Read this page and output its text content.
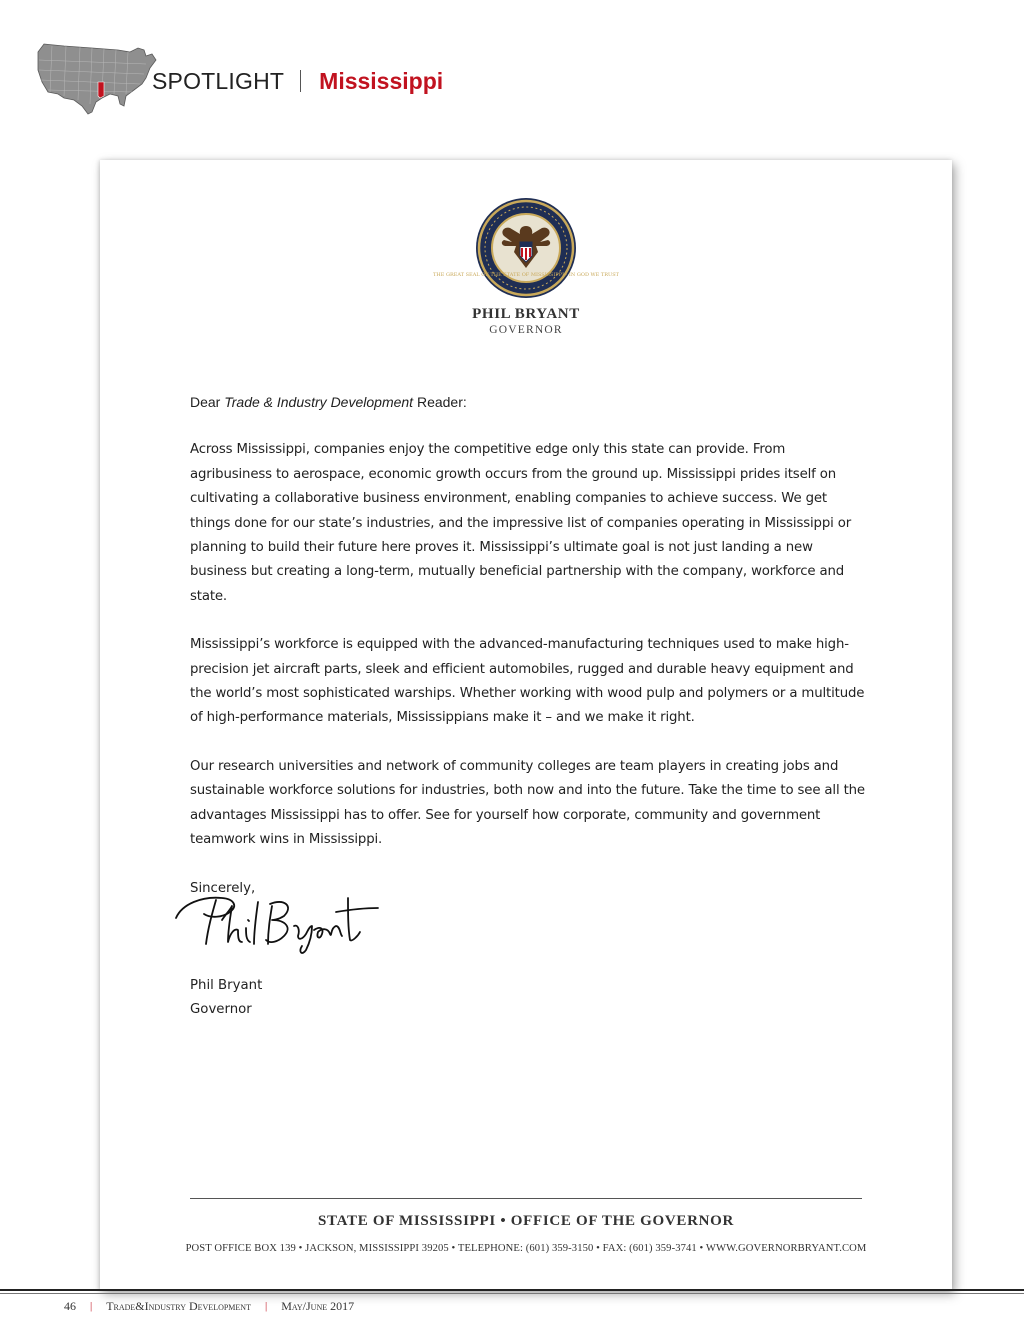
SPOTLIGHT Mississippi
THE GREAT SEAL OF THE STATE OF MISSISSIPPI · IN GOD WE TRUST
PHIL BRYANT
GOVERNOR

Dear Trade & Industry Development Reader:

Across Mississippi, companies enjoy the competitive edge only this state can provide. From agribusiness to aerospace, economic growth occurs from the ground up. Mississippi prides itself on cultivating a collaborative business environment, enabling companies to achieve success. We get things done for our state’s industries, and the impressive list of companies operating in Mississippi or planning to build their future here proves it. Mississippi’s ultimate goal is not just landing a new business but creating a long-term, mutually beneficial partnership with the company, workforce and state.

Mississippi’s workforce is equipped with the advanced-manufacturing techniques used to make high-precision jet aircraft parts, sleek and efficient automobiles, rugged and durable heavy equipment and the world’s most sophisticated warships. Whether working with wood pulp and polymers or a multitude of high-performance materials, Mississippians make it – and we make it right.

Our research universities and network of community colleges are team players in creating jobs and sustainable workforce solutions for industries, both now and into the future. Take the time to see all the advantages Mississippi has to offer. See for yourself how corporate, community and government teamwork wins in Mississippi.

Sincerely,

Phil Bryant
Governor
STATE OF MISSISSIPPI • OFFICE OF THE GOVERNOR
POST OFFICE BOX 139 • JACKSON, MISSISSIPPI 39205 • TELEPHONE: (601) 359-3150 • FAX: (601) 359-3741 • WWW.GOVERNORBRYANT.COM
46 | Trade&Industry Development | May/June 2017
